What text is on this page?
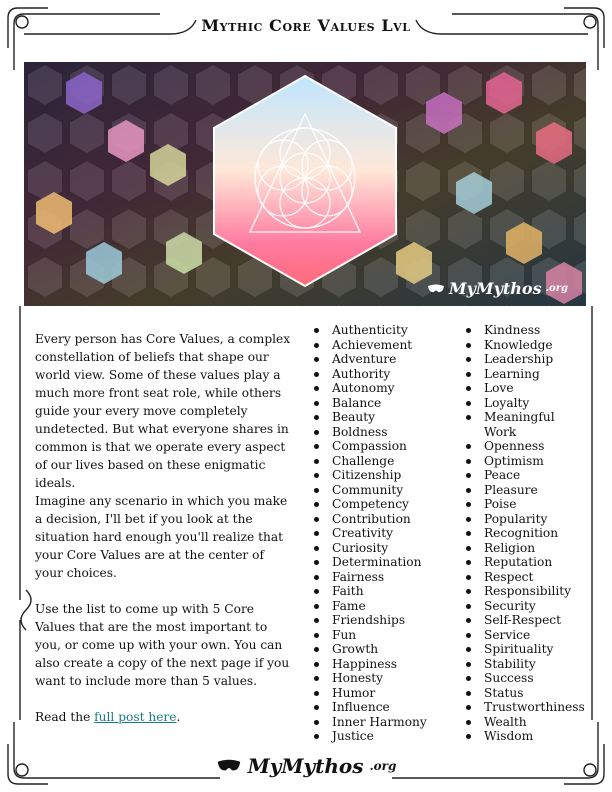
Mythic Core Values Lvl
MyMythos .org

Every person has Core Values, a complex constellation of beliefs that shape our world view. Some of these values play a much more front seat role, while others guide your every move completely undetected. But what everyone shares in common is that we operate every aspect of our lives based on these enigmatic ideals.

Imagine any scenario in which you make a decision, I'll bet if you look at the situation hard enough you'll realize that your Core Values are at the center of your choices.

Use the list to come up with 5 Core Values that are the most important to you, or come up with your own. You can also create a copy of the next page if you want to include more than 5 values.

Read the full post here.

Authenticity
Achievement
Adventure
Authority
Autonomy
Balance
Beauty
Boldness
Compassion
Challenge
Citizenship
Community
Competency
Contribution
Creativity
Curiosity
Determination
Fairness
Faith
Fame
Friendships
Fun
Growth
Happiness
Honesty
Humor
Influence
Inner Harmony
Justice
Kindness
Knowledge
Leadership
Learning
Love
Loyalty
Meaningful Work
Openness
Optimism
Peace
Pleasure
Poise
Popularity
Recognition
Religion
Reputation
Respect
Responsibility
Security
Self-Respect
Service
Spirituality
Stability
Success
Status
Trustworthiness
Wealth
Wisdom
MyMythos .org
